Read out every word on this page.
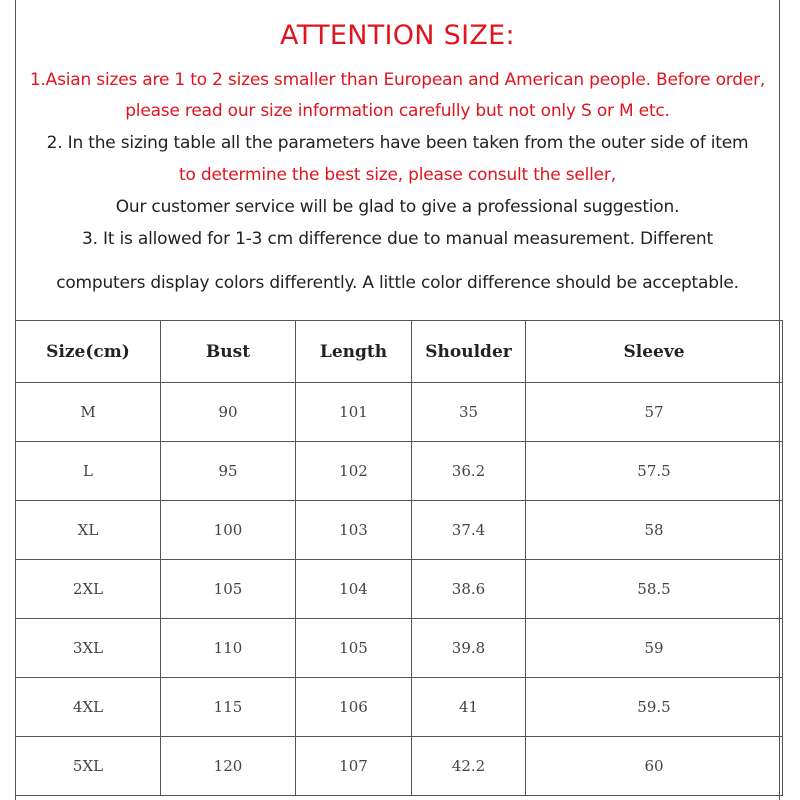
ATTENTION SIZE:
1.Asian sizes are 1 to 2 sizes smaller than European and American people. Before order,
please read our size information carefully but not only S or M etc.
2. In the sizing table all the parameters have been taken from the outer side of item
to determine the best size, please consult the seller,
Our customer service will be glad to give a professional suggestion.
3. It is allowed for 1-3 cm difference due to manual measurement. Different
computers display colors differently. A little color difference should be acceptable.
Size(cm)	Bust	Length	Shoulder	Sleeve
M	90	101	35	57
L	95	102	36.2	57.5
XL	100	103	37.4	58
2XL	105	104	38.6	58.5
3XL	110	105	39.8	59
4XL	115	106	41	59.5
5XL	120	107	42.2	60
